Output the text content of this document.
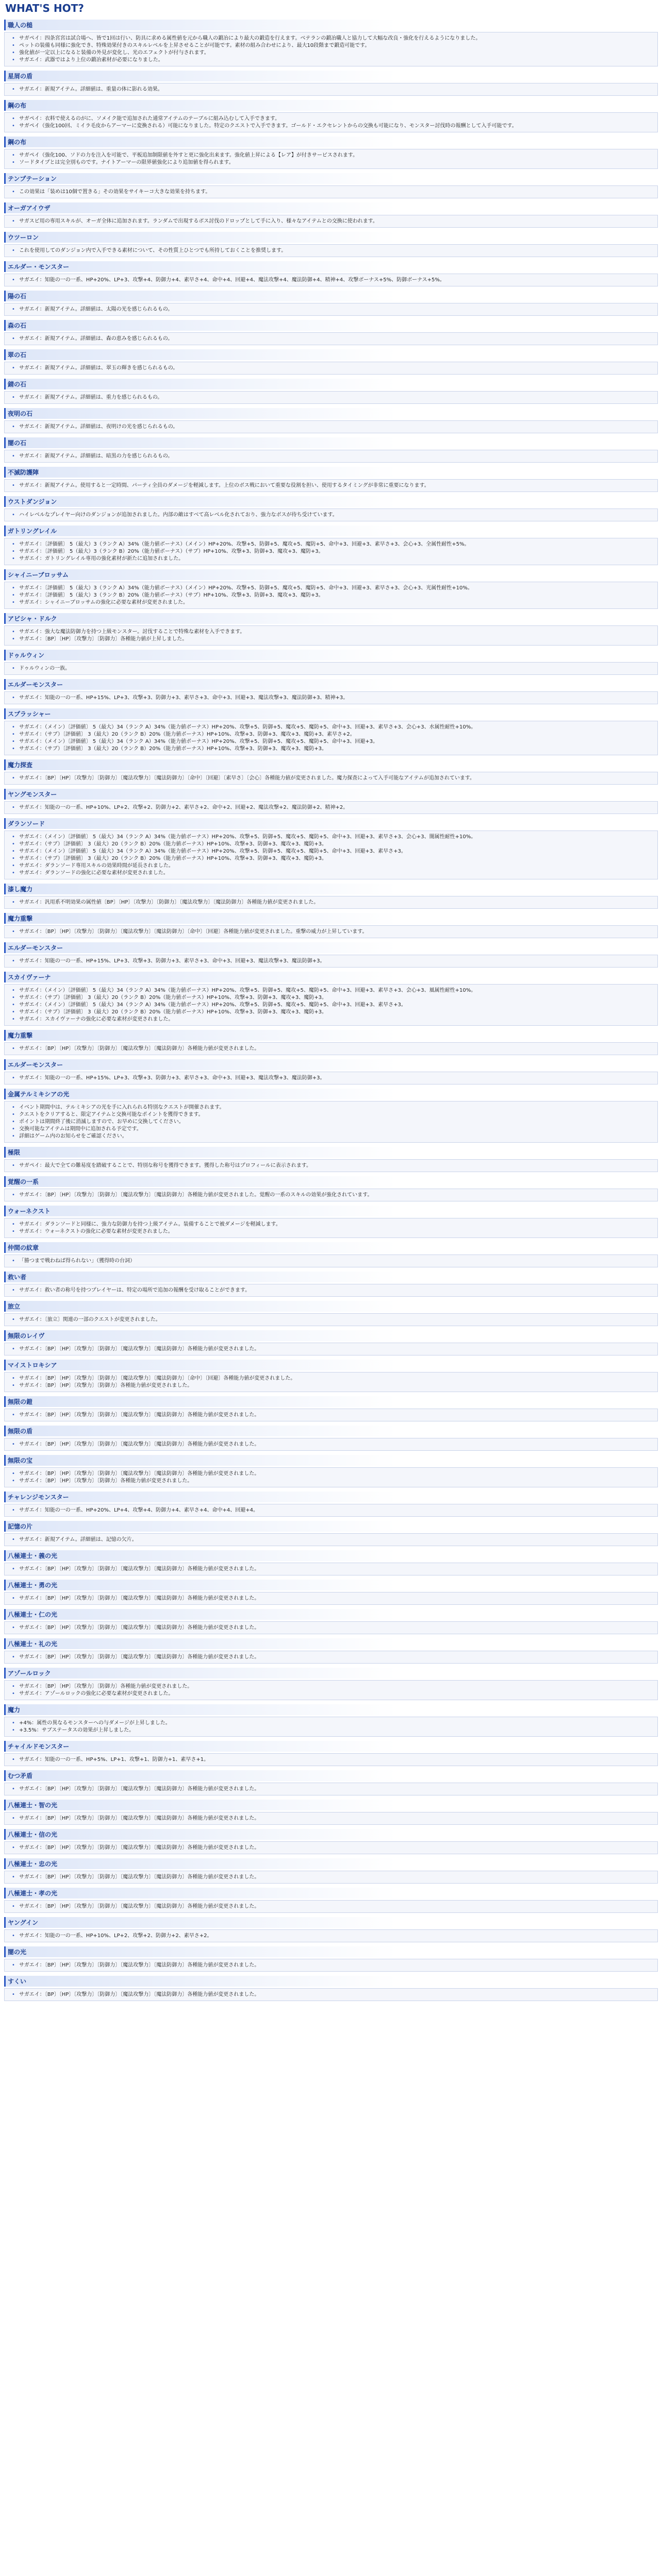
WHAT'S HOT?
職人の槌
• サガペイ：四条宮宮は試合場へ、皆で1回は行い、防具に求める属性値を元から職人の鍛冶により最大の鍛造を行えます。ベテランの鍛冶職人と協力して大幅な改良・強化を行えるようになりました。
• ペットの装備も同様に強化でき、特殊効果付きのスキルレベルを上昇させることが可能です。素材の組み合わせにより、最大10段階まで鍛造可能です。
• 強化値が一定以上になると装備の外見が変化し、光のエフェクトが付与されます。
• サガエイ：武器ではより上位の鍛冶素材が必要になりました。
星屑の盾
• サガエイ：新規アイテム。詳細値は、重量の体に影れる効果。
鋼の布
• サガペイ：衣料で使えるのがに、ソメイク能で追加された通常アイテムのテーブルに組み込むして入手できます。
• サガペイ（強化100回、ミイラ毛皮からアーマーに変換される）可能になりました。特定のクエストで入手できます。ゴールド・エクセレントからの交換も可能になり、モンスター討伐時の報酬として入手可能です。
鋼の布
• サガペイ（強化100、ソドの力を注入を可能で、平板追加制限値を外すと更に強化出来ます。強化値上昇による【レア】が付きサービスされます。
• ソードタイプとは完全別ものです。ナイトアーマーの限界値強化により追加値を得られます。
テンプテーション
• この効果は「装めは10個で置きる」その効果をサイキーコ大きな効果を持ちます。
オーガアイウザ
• サガスピ用の専用スキルが、オーガ全体に追加されます。ランダムで出現するボス討伐のドロップとして手に入り、様々なアイテムとの交換に使われます。
ウツーロン
• これを使用してのダンジョン内で入手できる素材について、その性質上ひとつでも所持しておくことを推奨します。
エルダー・モンスター
• サガエイ：知能の一の一系、HP+20%、LP+3、攻撃+4、防御力+4、素早さ+4、命中+4、回避+4、魔法攻撃+4、魔法防御+4、精神+4、攻撃ボーナス+5%、防御ボーナス+5%。
陽の石
• サガエイ：新規アイテム。詳細値は、太陽の光を感じられるもの。
森の石
• サガエイ：新規アイテム。詳細値は、森の恵みを感じられるもの。
翠の石
• サガエイ：新規アイテム。詳細値は、翠玉の輝きを感じられるもの。
錆の石
• サガエイ：新規アイテム。詳細値は、重力を感じられるもの。
夜明の石
• サガエイ：新規アイテム。詳細値は、夜明けの光を感じられるもの。
闇の石
• サガエイ：新規アイテム。詳細値は、暗黒の力を感じられるもの。
不滅防護陣
• サガエイ：新規アイテム。使用すると一定時間、パーティ全員のダメージを軽減します。上位のボス戦において重要な役割を担い、使用するタイミングが非常に重要になります。
ウストダンジョン
• ハイレベルなプレイヤー向けのダンジョンが追加されました。内部の敵はすべて高レベル化されており、強力なボスが待ち受けています。
ガトリングレイル
• サガエイ：〔評価値〕 5（最大）3（ランク A）34%（能力値ボーナス）（メイン）HP+20%、攻撃+5、防御+5、魔攻+5、魔防+5、命中+3、回避+3、素早さ+3、会心+3、全属性耐性+5%。
• サガエイ：〔評価値〕 5（最大）3（ランク B）20%（能力値ボーナス）（サブ）HP+10%、攻撃+3、防御+3、魔攻+3、魔防+3。
• サガエイ：ガトリングレイル専用の強化素材が新たに追加されました。
シャイニーブロッサム
• サガエイ：〔評価値〕 5（最大）3（ランク A）34%（能力値ボーナス）（メイン）HP+20%、攻撃+5、防御+5、魔攻+5、魔防+5、命中+3、回避+3、素早さ+3、会心+3、光属性耐性+10%。
• サガエイ：〔評価値〕 5（最大）3（ランク B）20%（能力値ボーナス）（サブ）HP+10%、攻撃+3、防御+3、魔攻+3、魔防+3。
• サガエイ：シャイニーブロッサムの強化に必要な素材が変更されました。
アビシャ・ドルク
• サガエイ：強大な魔法防御力を持つ上級モンスター。討伐することで特殊な素材を入手できます。
• サガエイ：〔BP〕〔HP〕〔攻撃力〕〔防御力〕各種能力値が上昇しました。
ドゥルウィン
• ドゥルウィンの一族。
エルダーモンスター
• サガエイ：知能の一の一系、HP+15%、LP+3、攻撃+3、防御力+3、素早さ+3、命中+3、回避+3、魔法攻撃+3、魔法防御+3、精神+3。
スプラッシャー
• サガエイ：（メイン）〔評価値〕 5（最大）34（ランク A）34%（能力値ボーナス）HP+20%、攻撃+5、防御+5、魔攻+5、魔防+5、命中+3、回避+3、素早さ+3、会心+3、水属性耐性+10%。
• サガエイ：（サブ）〔評価値〕 3（最大）20（ランク B）20%（能力値ボーナス）HP+10%、攻撃+3、防御+3、魔攻+3、魔防+3、素早さ+2。
• サガエイ：（メイン）〔評価値〕 5（最大）34（ランク A）34%（能力値ボーナス）HP+20%、攻撃+5、防御+5、魔攻+5、魔防+5、命中+3、回避+3。
• サガエイ：（サブ）〔評価値〕 3（最大）20（ランク B）20%（能力値ボーナス）HP+10%、攻撃+3、防御+3、魔攻+3、魔防+3。
魔力探査
• サガエイ：〔BP〕〔HP〕〔攻撃力〕〔防御力〕〔魔法攻撃力〕〔魔法防御力〕〔命中〕〔回避〕〔素早さ〕〔会心〕各種能力値が変更されました。魔力探査によって入手可能なアイテムが追加されています。
ヤングモンスター
• サガエイ：知能の一の一系、HP+10%、LP+2、攻撃+2、防御力+2、素早さ+2、命中+2、回避+2、魔法攻撃+2、魔法防御+2、精神+2。
ダランソード
• サガエイ：（メイン）〔評価値〕 5（最大）34（ランク A）34%（能力値ボーナス）HP+20%、攻撃+5、防御+5、魔攻+5、魔防+5、命中+3、回避+3、素早さ+3、会心+3、闇属性耐性+10%。
• サガエイ：（サブ）〔評価値〕 3（最大）20（ランク B）20%（能力値ボーナス）HP+10%、攻撃+3、防御+3、魔攻+3、魔防+3。
• サガエイ：（メイン）〔評価値〕 5（最大）34（ランク A）34%（能力値ボーナス）HP+20%、攻撃+5、防御+5、魔攻+5、魔防+5、命中+3、回避+3、素早さ+3。
• サガエイ：（サブ）〔評価値〕 3（最大）20（ランク B）20%（能力値ボーナス）HP+10%、攻撃+3、防御+3、魔攻+3、魔防+3。
• サガエイ：ダランソード専用スキルの効果時間が延長されました。
• サガエイ：ダランソードの強化に必要な素材が変更されました。
漆し魔力
• サガエイ：汎用系不明効果の属性値〔BP〕〔HP〕〔攻撃力〕〔防御力〕〔魔法攻撃力〕〔魔法防御力〕各種能力値が変更されました。
魔力重撃
• サガエイ：〔BP〕〔HP〕〔攻撃力〕〔防御力〕〔魔法攻撃力〕〔魔法防御力〕〔命中〕〔回避〕各種能力値が変更されました。重撃の威力が上昇しています。
エルダーモンスター
• サガエイ：知能の一の一系、HP+15%、LP+3、攻撃+3、防御力+3、素早さ+3、命中+3、回避+3、魔法攻撃+3、魔法防御+3。
スカイヴァーナ
• サガエイ：（メイン）〔評価値〕 5（最大）34（ランク A）34%（能力値ボーナス）HP+20%、攻撃+5、防御+5、魔攻+5、魔防+5、命中+3、回避+3、素早さ+3、会心+3、風属性耐性+10%。
• サガエイ：（サブ）〔評価値〕 3（最大）20（ランク B）20%（能力値ボーナス）HP+10%、攻撃+3、防御+3、魔攻+3、魔防+3。
• サガエイ：（メイン）〔評価値〕 5（最大）34（ランク A）34%（能力値ボーナス）HP+20%、攻撃+5、防御+5、魔攻+5、魔防+5、命中+3、回避+3、素早さ+3。
• サガエイ：（サブ）〔評価値〕 3（最大）20（ランク B）20%（能力値ボーナス）HP+10%、攻撃+3、防御+3、魔攻+3、魔防+3。
• サガエイ：スカイヴァーナの強化に必要な素材が変更されました。
魔力重撃
• サガエイ：〔BP〕〔HP〕〔攻撃力〕〔防御力〕〔魔法攻撃力〕〔魔法防御力〕各種能力値が変更されました。
エルダーモンスター
• サガエイ：知能の一の一系、HP+15%、LP+3、攻撃+3、防御力+3、素早さ+3、命中+3、回避+3、魔法攻撃+3、魔法防御+3。
金属テルミキシアの光
• イベント期間中は、テルミキシアの光を手に入れられる特別なクエストが開催されます。
• クエストをクリアすると、限定アイテムと交換可能なポイントを獲得できます。
• ポイントは期間終了後に消滅しますので、お早めに交換してください。
• 交換可能なアイテムは期間中に追加される予定です。
• 詳細はゲーム内のお知らせをご確認ください。
極限
• サガペイ：最大で全ての難易度を踏破することで、特別な称号を獲得できます。獲得した称号はプロフィールに表示されます。
覚醒の一系
• サガエイ：〔BP〕〔HP〕〔攻撃力〕〔防御力〕〔魔法攻撃力〕〔魔法防御力〕各種能力値が変更されました。覚醒の一系のスキルの効果が強化されています。
ウォーネクスト
• サガエイ：ダランソードと同様に、強力な防御力を持つ上級アイテム。装備することで被ダメージを軽減します。
• サガエイ：ウォーネクストの強化に必要な素材が変更されました。
仲間の紋章
• 「勝つまで戦わねば得られない」（獲得時の台詞）
救い者
• サガエイ：救い者の称号を持つプレイヤーは、特定の場所で追加の報酬を受け取ることができます。
旅立
• サガエイ：〔旅立〕関連の一部のクエストが変更されました。
無限のレイヴ
• サガエイ：〔BP〕〔HP〕〔攻撃力〕〔防御力〕〔魔法攻撃力〕〔魔法防御力〕各種能力値が変更されました。
マイストロキシア
• サガエイ：〔BP〕〔HP〕〔攻撃力〕〔防御力〕〔魔法攻撃力〕〔魔法防御力〕〔命中〕〔回避〕各種能力値が変更されました。
• サガエイ：〔BP〕〔HP〕〔攻撃力〕〔防御力〕各種能力値が変更されました。
無限の鎧
• サガエイ：〔BP〕〔HP〕〔攻撃力〕〔防御力〕〔魔法攻撃力〕〔魔法防御力〕各種能力値が変更されました。
無限の盾
• サガエイ：〔BP〕〔HP〕〔攻撃力〕〔防御力〕〔魔法攻撃力〕〔魔法防御力〕各種能力値が変更されました。
無限の宝
• サガエイ：〔BP〕〔HP〕〔攻撃力〕〔防御力〕〔魔法攻撃力〕〔魔法防御力〕各種能力値が変更されました。
• サガエイ：〔BP〕〔HP〕〔攻撃力〕〔防御力〕各種能力値が変更されました。
チャレンジモンスター
• サガエイ：知能の一の一系、HP+20%、LP+4、攻撃+4、防御力+4、素早さ+4、命中+4、回避+4。
記憶の片
• サガエイ：新規アイテム。詳細値は、記憶の欠片。
八極連士・義の光
• サガエイ：〔BP〕〔HP〕〔攻撃力〕〔防御力〕〔魔法攻撃力〕〔魔法防御力〕各種能力値が変更されました。
八極連士・勇の光
• サガエイ：〔BP〕〔HP〕〔攻撃力〕〔防御力〕〔魔法攻撃力〕〔魔法防御力〕各種能力値が変更されました。
八極連士・仁の光
• サガエイ：〔BP〕〔HP〕〔攻撃力〕〔防御力〕〔魔法攻撃力〕〔魔法防御力〕各種能力値が変更されました。
八極連士・礼の光
• サガエイ：〔BP〕〔HP〕〔攻撃力〕〔防御力〕〔魔法攻撃力〕〔魔法防御力〕各種能力値が変更されました。
アゾールロック
• サガエイ：〔BP〕〔HP〕〔攻撃力〕〔防御力〕各種能力値が変更されました。
• サガエイ：アゾールロックの強化に必要な素材が変更されました。
魔力
• +4%：属性の異なるモンスターへの与ダメージが上昇しました。
• +3.5%：サブステータスの効果が上昇しました。
チャイルドモンスター
• サガエイ：知能の一の一系、HP+5%、LP+1、攻撃+1、防御力+1、素早さ+1。
むつ矛盾
• サガエイ：〔BP〕〔HP〕〔攻撃力〕〔防御力〕〔魔法攻撃力〕〔魔法防御力〕各種能力値が変更されました。
八極連士・智の光
• サガエイ：〔BP〕〔HP〕〔攻撃力〕〔防御力〕〔魔法攻撃力〕〔魔法防御力〕各種能力値が変更されました。
八極連士・信の光
• サガエイ：〔BP〕〔HP〕〔攻撃力〕〔防御力〕〔魔法攻撃力〕〔魔法防御力〕各種能力値が変更されました。
八極連士・忠の光
• サガエイ：〔BP〕〔HP〕〔攻撃力〕〔防御力〕〔魔法攻撃力〕〔魔法防御力〕各種能力値が変更されました。
八極連士・孝の光
• サガエイ：〔BP〕〔HP〕〔攻撃力〕〔防御力〕〔魔法攻撃力〕〔魔法防御力〕各種能力値が変更されました。
ヤングイン
• サガエイ：知能の一の一系、HP+10%、LP+2、攻撃+2、防御力+2、素早さ+2。
闇の光
• サガエイ：〔BP〕〔HP〕〔攻撃力〕〔防御力〕〔魔法攻撃力〕〔魔法防御力〕各種能力値が変更されました。
すくい
• サガエイ：〔BP〕〔HP〕〔攻撃力〕〔防御力〕〔魔法攻撃力〕〔魔法防御力〕各種能力値が変更されました。
